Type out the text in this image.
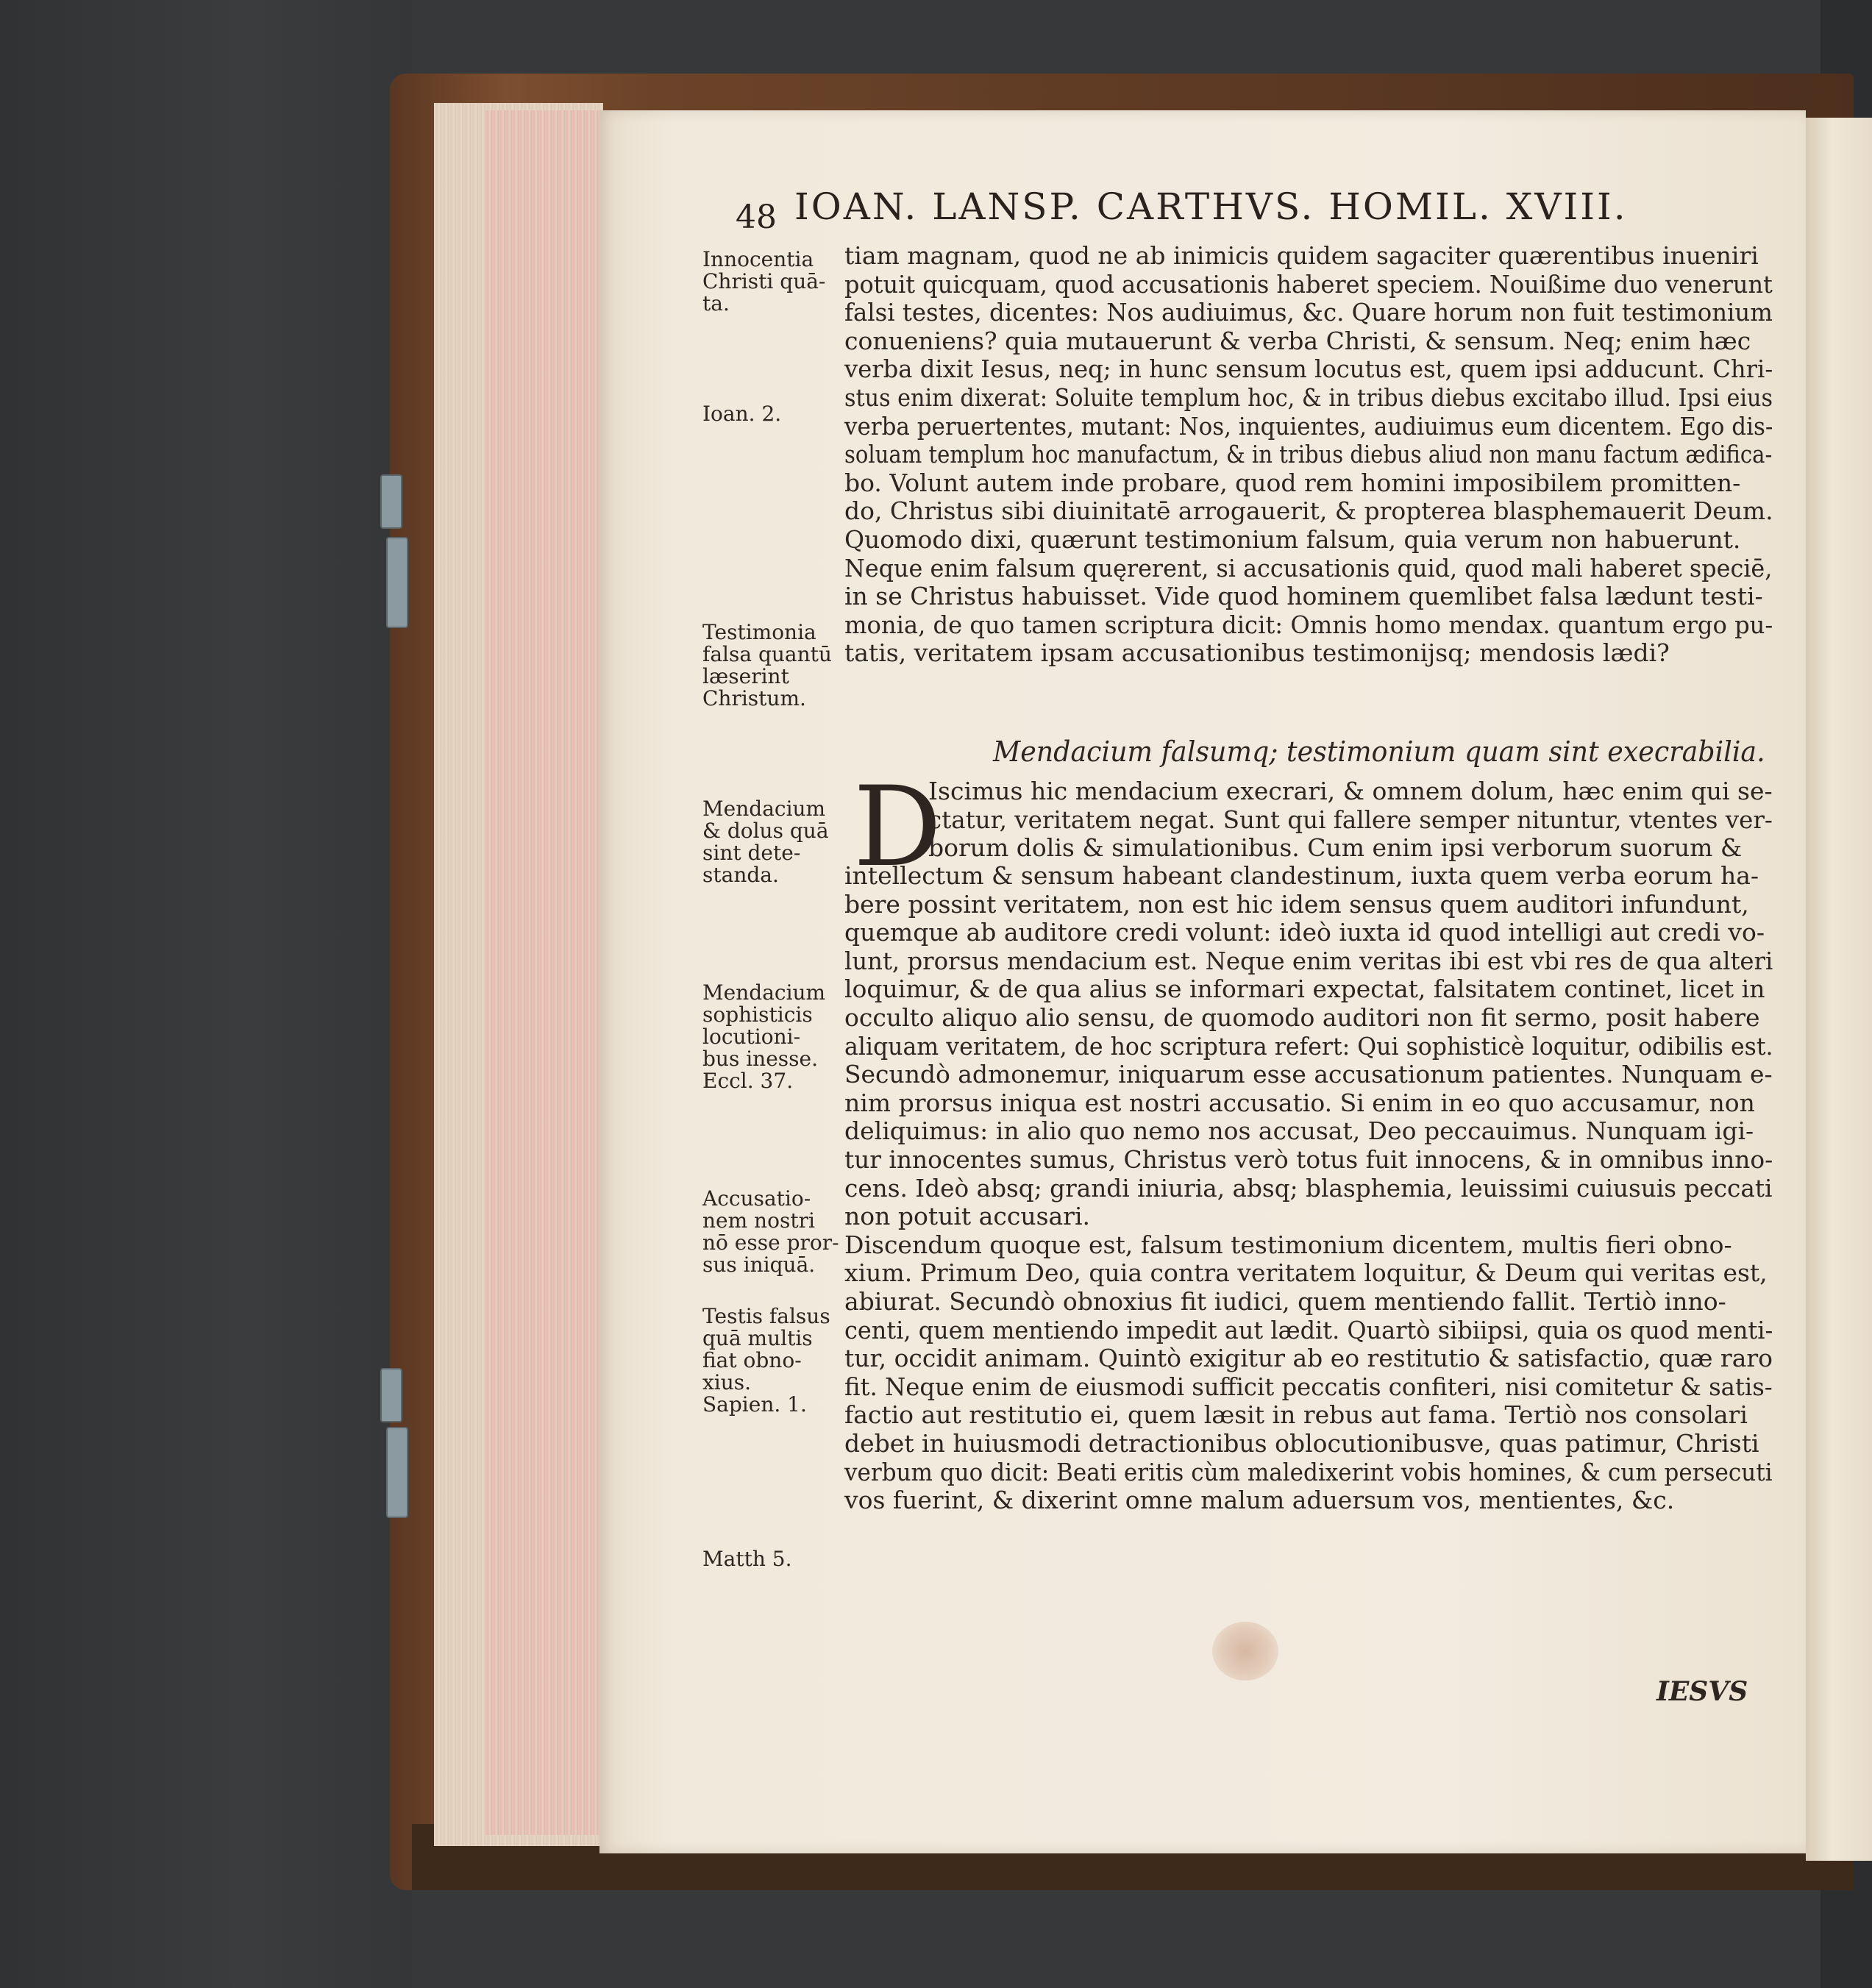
48 IOAN. LANSP. CARTHVS. HOMIL. XVIII.
tiam magnam, quod ne ab inimicis quidem sagaciter quærentibus inueniri
potuit quicquam, quod accusationis haberet speciem. Nouißime duo venerunt
falsi testes, dicentes: Nos audiuimus, &c. Quare horum non fuit testimonium
conueniens? quia mutauerunt & verba Christi, & sensum. Neq; enim hæc
verba dixit Iesus, neq; in hunc sensum locutus est, quem ipsi adducunt. Chri-
stus enim dixerat: Soluite templum hoc, & in tribus diebus excitabo illud. Ipsi eius
verba peruertentes, mutant: Nos, inquientes, audiuimus eum dicentem. Ego dis-
soluam templum hoc manufactum, & in tribus diebus aliud non manu factum ædifica-
bo. Volunt autem inde probare, quod rem homini imposibilem promitten-
do, Christus sibi diuinitatē arrogauerit, & propterea blasphemauerit Deum.
Quomodo dixi, quærunt testimonium falsum, quia verum non habuerunt.
Neque enim falsum quęrerent, si accusationis quid, quod mali haberet speciē,
in se Christus habuisset. Vide quod hominem quemlibet falsa lædunt testi-
monia, de quo tamen scriptura dicit: Omnis homo mendax. quantum ergo pu-
tatis, veritatem ipsam accusationibus testimonijsq; mendosis lædi?
Iscimus hic mendacium execrari, & omnem dolum, hæc enim qui se-
ctatur, veritatem negat. Sunt qui fallere semper nituntur, vtentes ver-
borum dolis & simulationibus. Cum enim ipsi verborum suorum &
intellectum & sensum habeant clandestinum, iuxta quem verba eorum ha-
bere possint veritatem, non est hic idem sensus quem auditori infundunt,
quemque ab auditore credi volunt: ideò iuxta id quod intelligi aut credi vo-
lunt, prorsus mendacium est. Neque enim veritas ibi est vbi res de qua alteri
loquimur, & de qua alius se informari expectat, falsitatem continet, licet in
occulto aliquo alio sensu, de quomodo auditori non fit sermo, posit habere
aliquam veritatem, de hoc scriptura refert: Qui sophisticè loquitur, odibilis est.
Secundò admonemur, iniquarum esse accusationum patientes. Nunquam e-
nim prorsus iniqua est nostri accusatio. Si enim in eo quo accusamur, non
deliquimus: in alio quo nemo nos accusat, Deo peccauimus. Nunquam igi-
tur innocentes sumus, Christus verò totus fuit innocens, & in omnibus inno-
cens. Ideò absq; grandi iniuria, absq; blasphemia, leuissimi cuiusuis peccati
non potuit accusari.
Discendum quoque est, falsum testimonium dicentem, multis fieri obno-
xium. Primum Deo, quia contra veritatem loquitur, & Deum qui veritas est,
abiurat. Secundò obnoxius fit iudici, quem mentiendo fallit. Tertiò inno-
centi, quem mentiendo impedit aut lædit. Quartò sibiipsi, quia os quod menti-
tur, occidit animam. Quintò exigitur ab eo restitutio & satisfactio, quæ raro
fit. Neque enim de eiusmodi sufficit peccatis confiteri, nisi comitetur & satis-
factio aut restitutio ei, quem læsit in rebus aut fama. Tertiò nos consolari
debet in huiusmodi detractionibus oblocutionibusve, quas patimur, Christi
verbum quo dicit: Beati eritis cùm maledixerint vobis homines, & cum persecuti
vos fuerint, & dixerint omne malum aduersum vos, mentientes, &c.
Mendacium falsumq; testimonium quam sint execrabilia.
D
Innocentia
Christi quā-
ta.
Ioan. 2.
Testimonia
falsa quantū
læserint
Christum.
Mendacium
& dolus quā
sint dete-
standa.
Mendacium
sophisticis
locutioni-
bus inesse.
Eccl. 37.
Accusatio-
nem nostri
nō esse pror-
sus iniquā.
Testis falsus
quā multis
fiat obno-
xius.
Sapien. 1.
Matth 5.
IESVS
